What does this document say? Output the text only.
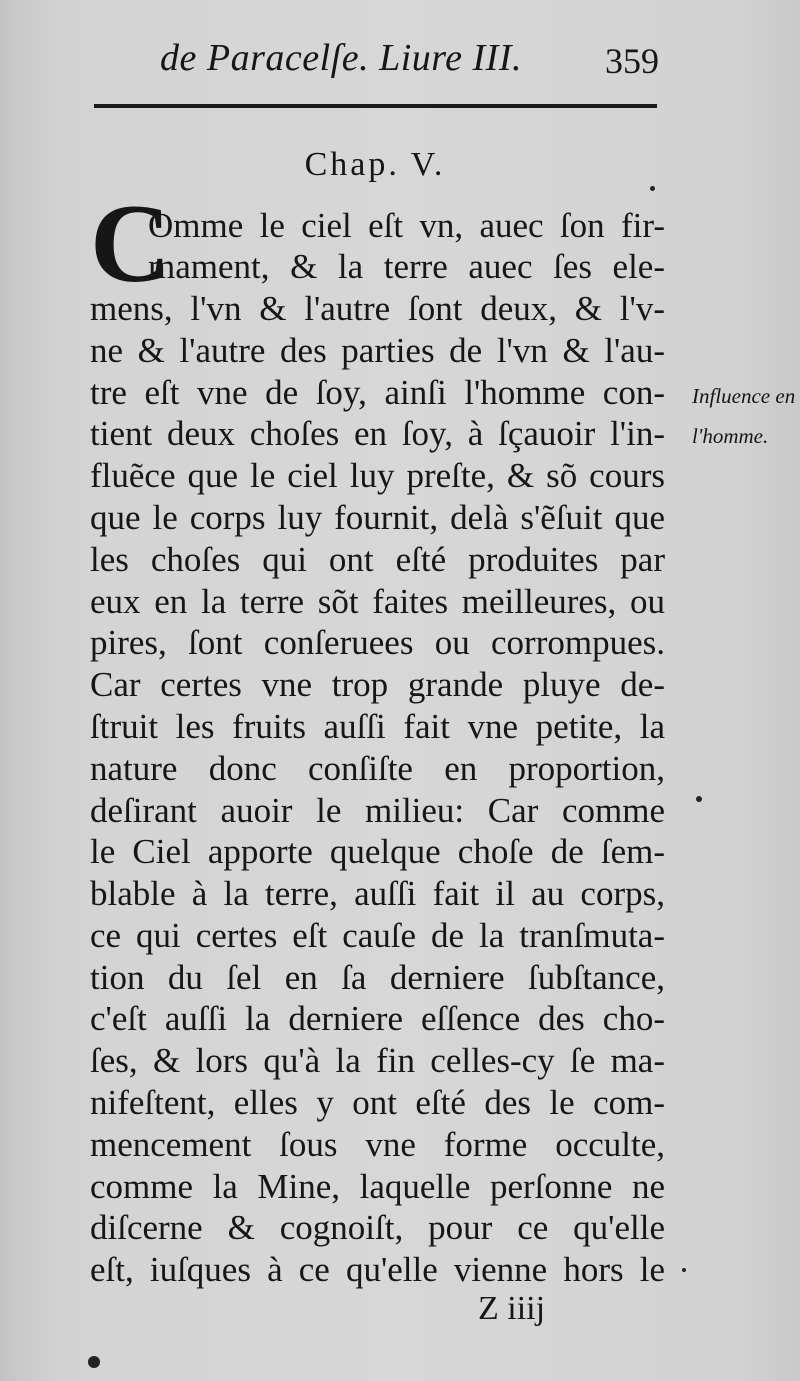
de Paracelſe. Liure III. 359
Chap. V.
C
Omme le ciel eſt vn, auec ſon fir-
mament, & la terre auec ſes ele-
mens, l'vn & l'autre ſont deux, & l'v-
ne & l'autre des parties de l'vn & l'au-
tre eſt vne de ſoy, ainſi l'homme con-
tient deux choſes en ſoy, à ſçauoir l'in-
fluẽce que le ciel luy preſte, & sõ cours
que le corps luy fournit, delà s'ẽſuit que
les choſes qui ont eſté produites par
eux en la terre sõt faites meilleures, ou
pires, ſont conſeruees ou corrompues.
Car certes vne trop grande pluye de-
ſtruit les fruits auſſi fait vne petite, la
nature donc conſiſte en proportion,
deſirant auoir le milieu: Car comme
le Ciel apporte quelque choſe de ſem-
blable à la terre, auſſi fait il au corps,
ce qui certes eſt cauſe de la tranſmuta-
tion du ſel en ſa derniere ſubſtance,
c'eſt auſſi la derniere eſſence des cho-
ſes, & lors qu'à la fin celles-cy ſe ma-
nifeſtent, elles y ont eſté des le com-
mencement ſous vne forme occulte,
comme la Mine, laquelle perſonne ne
diſcerne & cognoiſt, pour ce qu'elle
eſt, iuſques à ce qu'elle vienne hors le
Influence en
l'homme.
Z iiij
